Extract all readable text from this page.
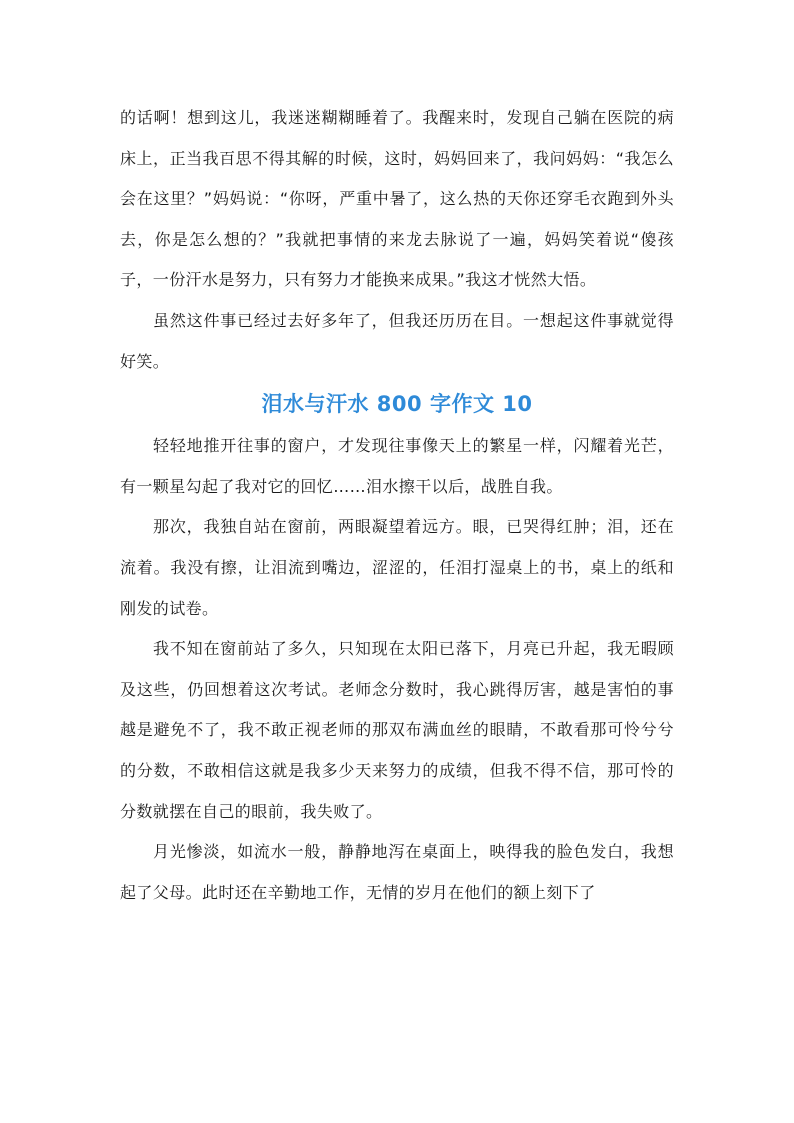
的话啊！想到这儿，我迷迷糊糊睡着了。我醒来时，发现自己躺在医院的病床上，正当我百思不得其解的时候，这时，妈妈回来了，我问妈妈：“我怎么会在这里？”妈妈说：“你呀，严重中暑了，这么热的天你还穿毛衣跑到外头去，你是怎么想的？”我就把事情的来龙去脉说了一遍，妈妈笑着说“傻孩子，一份汗水是努力，只有努力才能换来成果。”我这才恍然大悟。

虽然这件事已经过去好多年了，但我还历历在目。一想起这件事就觉得好笑。

泪水与汗水 800 字作文 10

轻轻地推开往事的窗户，才发现往事像天上的繁星一样，闪耀着光芒，有一颗星勾起了我对它的回忆……泪水擦干以后，战胜自我。

那次，我独自站在窗前，两眼凝望着远方。眼，已哭得红肿；泪，还在流着。我没有擦，让泪流到嘴边，涩涩的，任泪打湿桌上的书，桌上的纸和刚发的试卷。

我不知在窗前站了多久，只知现在太阳已落下，月亮已升起，我无暇顾及这些，仍回想着这次考试。老师念分数时，我心跳得厉害，越是害怕的事越是避免不了，我不敢正视老师的那双布满血丝的眼睛，不敢看那可怜兮兮的分数，不敢相信这就是我多少天来努力的成绩，但我不得不信，那可怜的分数就摆在自己的眼前，我失败了。

月光惨淡，如流水一般，静静地泻在桌面上，映得我的脸色发白，我想起了父母。此时还在辛勤地工作，无情的岁月在他们的额上刻下了
